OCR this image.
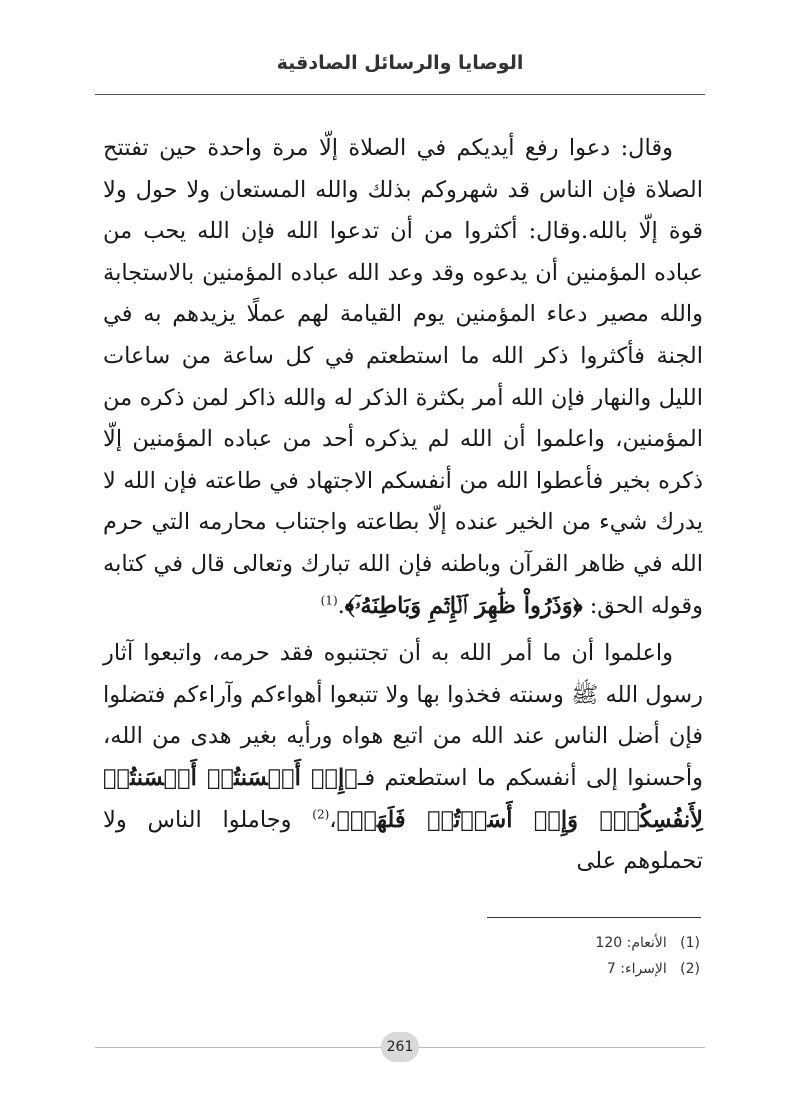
الوصايا والرسائل الصادقية

وقال: دعوا رفع أيديكم في الصلاة إلّا مرة واحدة حين تفتتح الصلاة فإن الناس قد شهروكم بذلك والله المستعان ولا حول ولا قوة إلّا بالله.وقال: أكثروا من أن تدعوا الله فإن الله يحب من عباده المؤمنين أن يدعوه وقد وعد الله عباده المؤمنين بالاستجابة والله مصير دعاء المؤمنين يوم القيامة لهم عملًا يزيدهم به في الجنة فأكثروا ذكر الله ما استطعتم في كل ساعة من ساعات الليل والنهار فإن الله أمر بكثرة الذكر له والله ذاكر لمن ذكره من المؤمنين، واعلموا أن الله لم يذكره أحد من عباده المؤمنين إلّا ذكره بخير فأعطوا الله من أنفسكم الاجتهاد في طاعته فإن الله لا يدرك شيء من الخير عنده إلّا بطاعته واجتناب محارمه التي حرم الله في ظاهر القرآن وباطنه فإن الله تبارك وتعالى قال في كتابه وقوله الحق: ﴿وَذَرُواْ ظَٰهِرَ ٱلۡإِثۡمِ وَبَاطِنَهُۥٓ﴾.$^{(1)}$

واعلموا أن ما أمر الله به أن تجتنبوه فقد حرمه، واتبعوا آثار رسول الله ﷺ وسنته فخذوا بها ولا تتبعوا أهواءكم وآراءكم فتضلوا فإن أضل الناس عند الله من اتبع هواه ورأيه بغير هدى من الله، وأحسنوا إلى أنفسكم ما استطعتم فـ﴿إِنۡ أَحۡسَنتُمۡ أَحۡسَنتُمۡ لِأَنفُسِكُمۡۖ وَإِنۡ أَسَأۡتُمۡ فَلَهَاۚ﴾،$^{(2)}$ وجاملوا الناس ولا تحملوهم على

(1)   الأنعام: 120
(2)   الإسراء: 7
261
